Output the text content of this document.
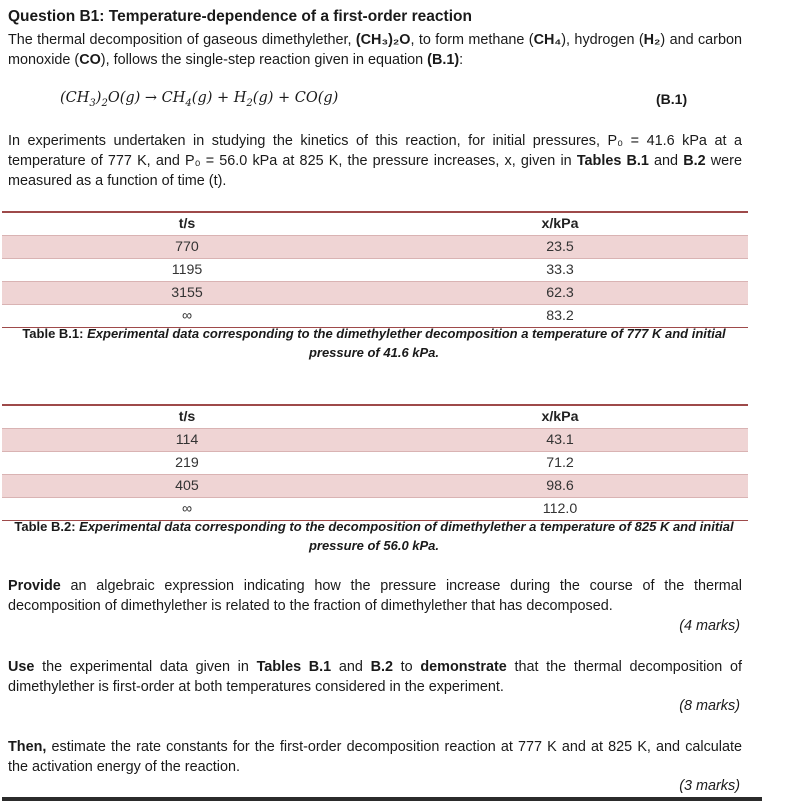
Question B1: Temperature-dependence of a first-order reaction
The thermal decomposition of gaseous dimethylether, (CH₃)₂O, to form methane (CH₄), hydrogen (H₂) and carbon monoxide (CO), follows the single-step reaction given in equation (B.1):
$(CH_3)_2O(g) \to CH_4(g) + H_2(g) + CO(g)$	(B.1)
In experiments undertaken in studying the kinetics of this reaction, for initial pressures, P₀ = 41.6 kPa at a temperature of 777 K, and P₀ = 56.0 kPa at 825 K, the pressure increases, x, given in Tables B.1 and B.2 were measured as a function of time (t).
t/s	x/kPa
770	23.5
1195	33.3
3155	62.3
∞	83.2
Table B.1: Experimental data corresponding to the dimethylether decomposition a temperature of 777 K and initial pressure of 41.6 kPa.
t/s	x/kPa
114	43.1
219	71.2
405	98.6
∞	112.0
Table B.2: Experimental data corresponding to the decomposition of dimethylether a temperature of 825 K and initial pressure of 56.0 kPa.
Provide an algebraic expression indicating how the pressure increase during the course of the thermal decomposition of dimethylether is related to the fraction of dimethylether that has decomposed.
(4 marks)
Use the experimental data given in Tables B.1 and B.2 to demonstrate that the thermal decomposition of dimethylether is first-order at both temperatures considered in the experiment.
(8 marks)
Then, estimate the rate constants for the first-order decomposition reaction at 777 K and at 825 K, and calculate the activation energy of the reaction.
(3 marks)
